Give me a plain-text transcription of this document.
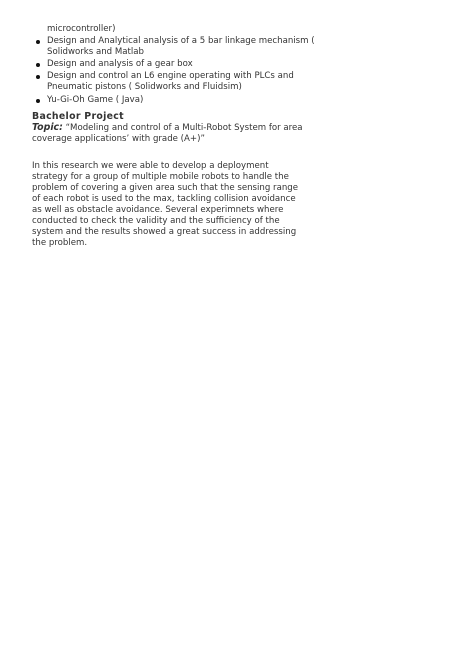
microcontroller)
Design and Analytical analysis of a 5 bar linkage mechanism ( Solidworks and Matlab
Design and analysis of a gear box
Design and control an L6 engine operating with PLCs and Pneumatic pistons ( Solidworks and Fluidsim)
Yu-Gi-Oh Game ( Java)
Bachelor Project
Topic: “Modeling and control of a Multi-Robot System for area coverage applications’ with grade (A+)”
In this research we were able to develop a deployment strategy for a group of multiple mobile robots to handle the problem of covering a given area such that the sensing range of each robot is used to the max, tackling collision avoidance as well as obstacle avoidance. Several experimnets where conducted to check the validity and the sufficiency of the system and the results showed a great success in addressing the problem.
